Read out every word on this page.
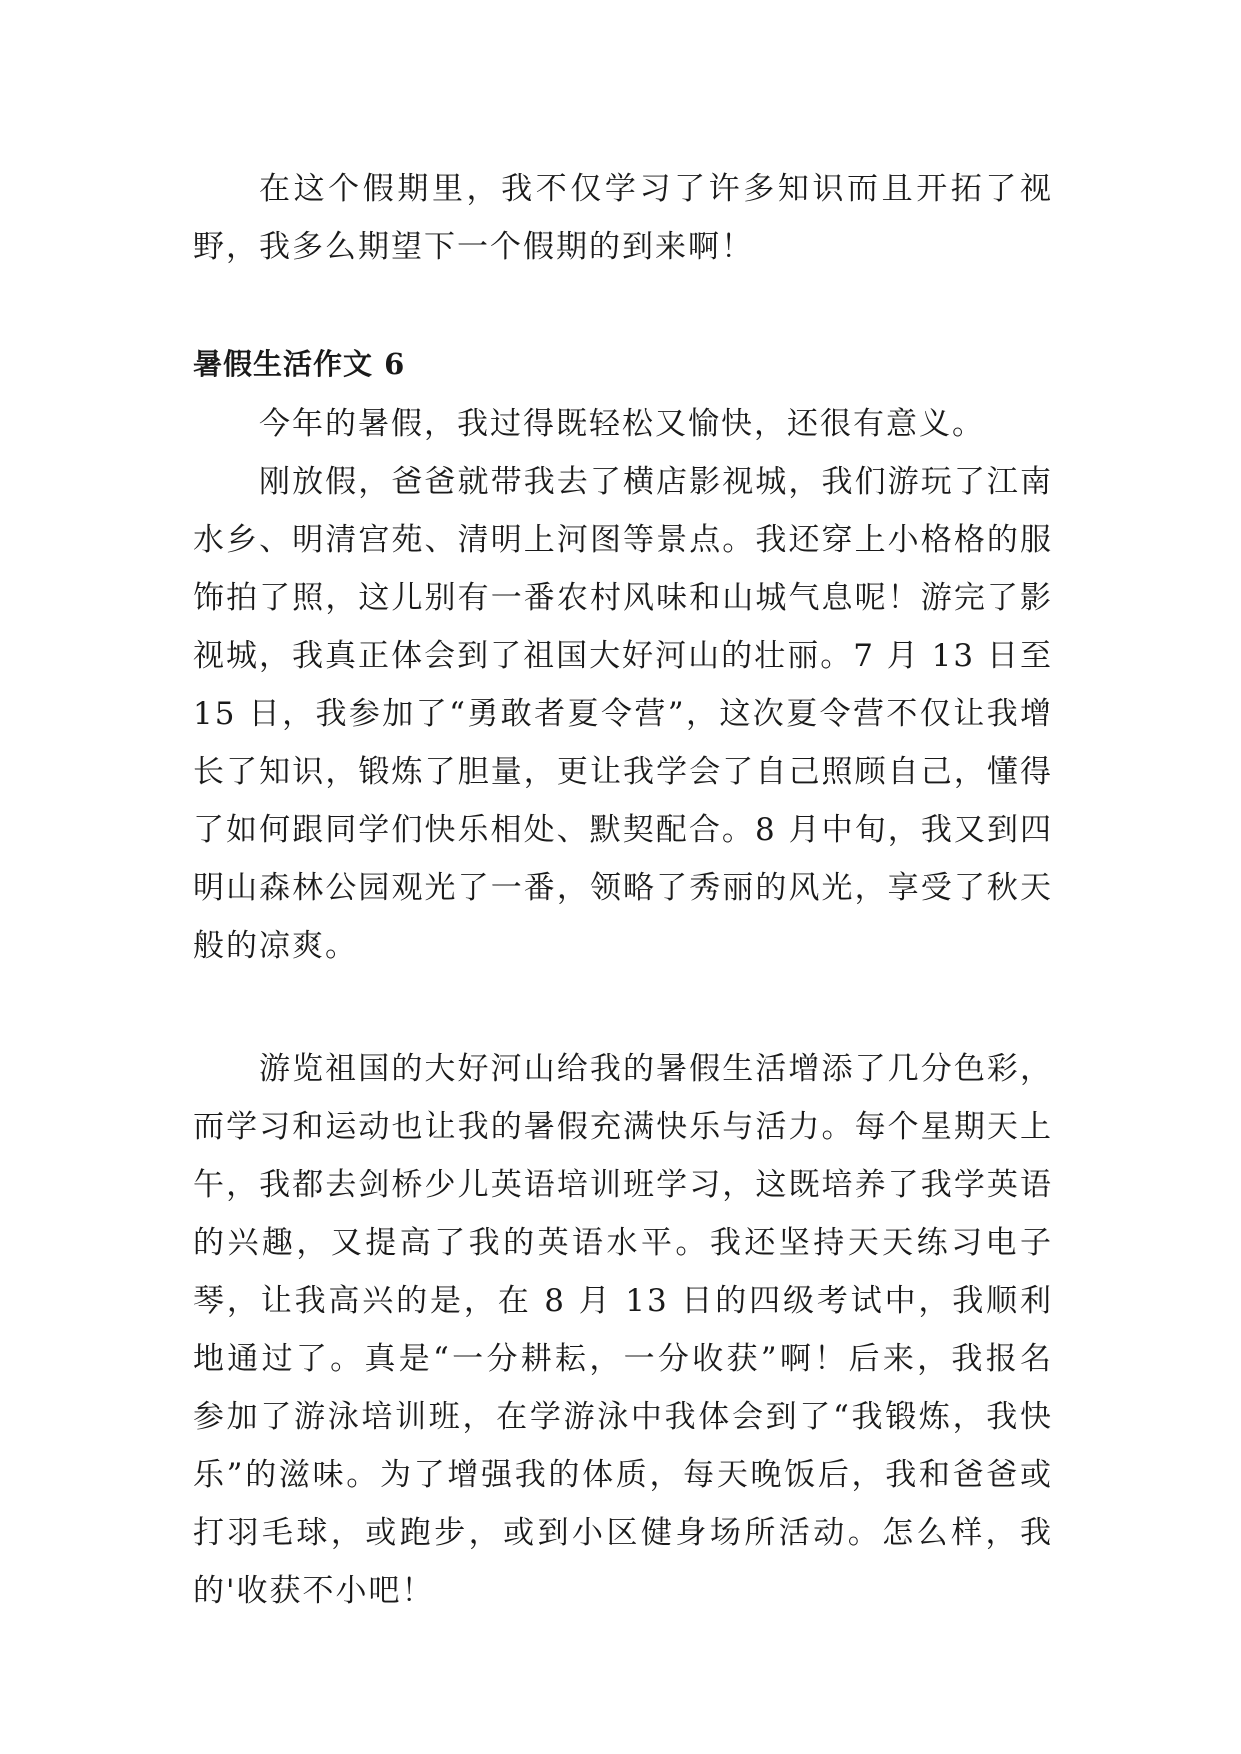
在这个假期里，我不仅学习了许多知识而且开拓了视野，我多么期望下一个假期的到来啊！

暑假生活作文 6

今年的暑假，我过得既轻松又愉快，还很有意义。

刚放假，爸爸就带我去了横店影视城，我们游玩了江南水乡、明清宫苑、清明上河图等景点。我还穿上小格格的服饰拍了照，这儿别有一番农村风味和山城气息呢！游完了影视城，我真正体会到了祖国大好河山的壮丽。7 月 13 日至 15 日，我参加了“勇敢者夏令营”，这次夏令营不仅让我增长了知识，锻炼了胆量，更让我学会了自己照顾自己，懂得了如何跟同学们快乐相处、默契配合。8 月中旬，我又到四明山森林公园观光了一番，领略了秀丽的风光，享受了秋天般的凉爽。

游览祖国的大好河山给我的暑假生活增添了几分色彩，而学习和运动也让我的暑假充满快乐与活力。每个星期天上午，我都去剑桥少儿英语培训班学习，这既培养了我学英语的兴趣，又提高了我的英语水平。我还坚持天天练习电子琴，让我高兴的是，在 8 月 13 日的四级考试中，我顺利地通过了。真是“一分耕耘，一分收获”啊！后来，我报名参加了游泳培训班，在学游泳中我体会到了“我锻炼，我快乐”的滋味。为了增强我的体质，每天晚饭后，我和爸爸或打羽毛球，或跑步，或到小区健身场所活动。怎么样，我的'收获不小吧！
